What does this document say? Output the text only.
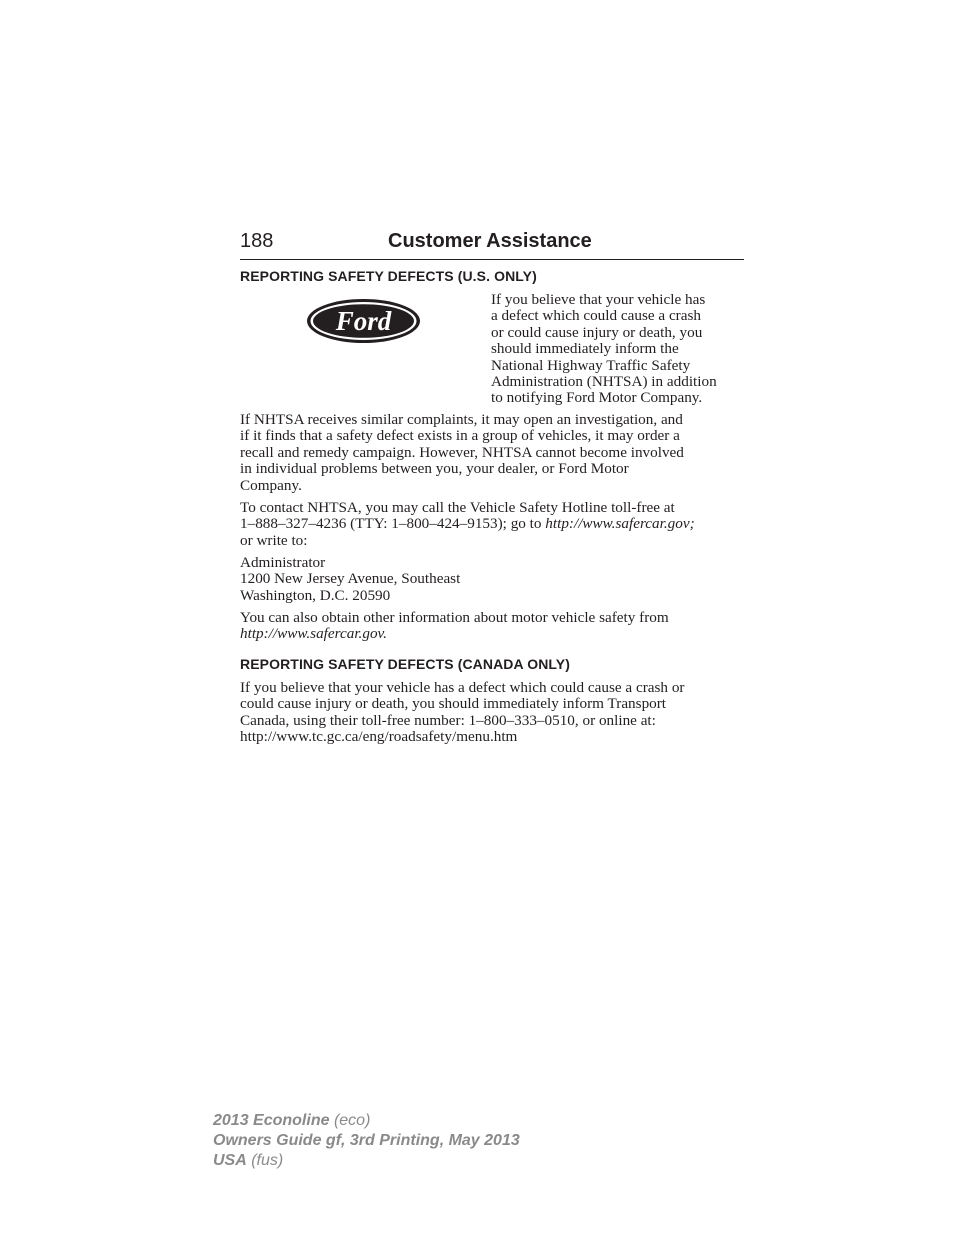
188	Customer Assistance
REPORTING SAFETY DEFECTS (U.S. ONLY)
Ford
If you believe that your vehicle has
a defect which could cause a crash
or could cause injury or death, you
should immediately inform the
National Highway Traffic Safety
Administration (NHTSA) in addition
to notifying Ford Motor Company.
If NHTSA receives similar complaints, it may open an investigation, and
if it finds that a safety defect exists in a group of vehicles, it may order a
recall and remedy campaign. However, NHTSA cannot become involved
in individual problems between you, your dealer, or Ford Motor
Company.
To contact NHTSA, you may call the Vehicle Safety Hotline toll-free at
1–888–327–4236 (TTY: 1–800–424–9153); go to http://www.safercar.gov;
or write to:
Administrator
1200 New Jersey Avenue, Southeast
Washington, D.C. 20590
You can also obtain other information about motor vehicle safety from
http://www.safercar.gov.
REPORTING SAFETY DEFECTS (CANADA ONLY)
If you believe that your vehicle has a defect which could cause a crash or
could cause injury or death, you should immediately inform Transport
Canada, using their toll-free number: 1–800–333–0510, or online at:
http://www.tc.gc.ca/eng/roadsafety/menu.htm
2013 Econoline (eco)
Owners Guide gf, 3rd Printing, May 2013
USA (fus)
